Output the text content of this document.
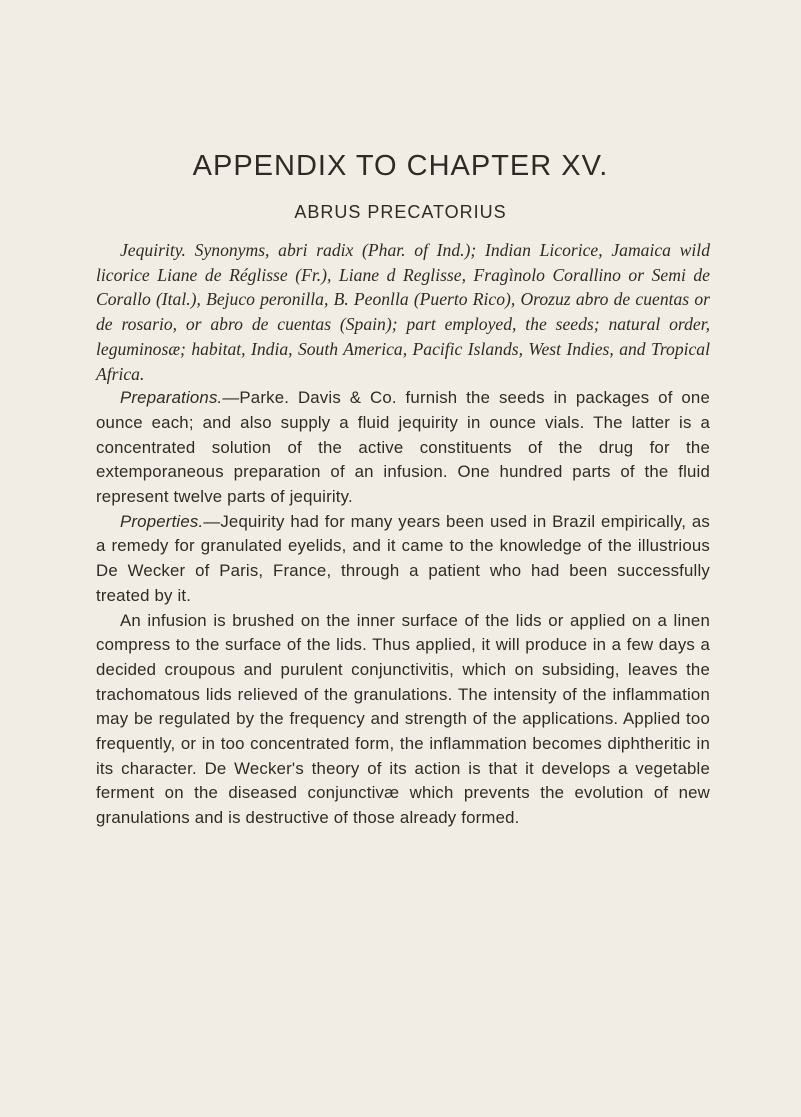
APPENDIX TO CHAPTER XV.
ABRUS PRECATORIUS

Jequirity. Synonyms, abri radix (Phar. of Ind.); Indian Licorice, Jamaica wild licorice Liane de Réglisse (Fr.), Liane d Reglisse, Fragìnolo Corallino or Semi de Corallo (Ital.), Bejuco peronilla, B. Peonlla (Puerto Rico), Orozuz abro de cuentas or de rosario, or abro de cuentas (Spain); part employed, the seeds; natural order, leguminosæ; habitat, India, South America, Pacific Islands, West Indies, and Tropical Africa.

Preparations.—Parke. Davis & Co. furnish the seeds in packages of one ounce each; and also supply a fluid jequirity in ounce vials. The latter is a concentrated solution of the active constituents of the drug for the extemporaneous preparation of an infusion. One hundred parts of the fluid represent twelve parts of jequirity.

Properties.—Jequirity had for many years been used in Brazil empirically, as a remedy for granulated eyelids, and it came to the knowledge of the illustrious De Wecker of Paris, France, through a patient who had been successfully treated by it.

An infusion is brushed on the inner surface of the lids or applied on a linen compress to the surface of the lids. Thus applied, it will produce in a few days a decided croupous and purulent conjunctivitis, which on subsiding, leaves the trachomatous lids relieved of the granulations. The intensity of the inflammation may be regulated by the frequency and strength of the applications. Applied too frequently, or in too concentrated form, the inflammation becomes diphtheritic in its character. De Wecker's theory of its action is that it develops a vegetable ferment on the diseased conjunctivæ which prevents the evolution of new granulations and is destructive of those already formed.
